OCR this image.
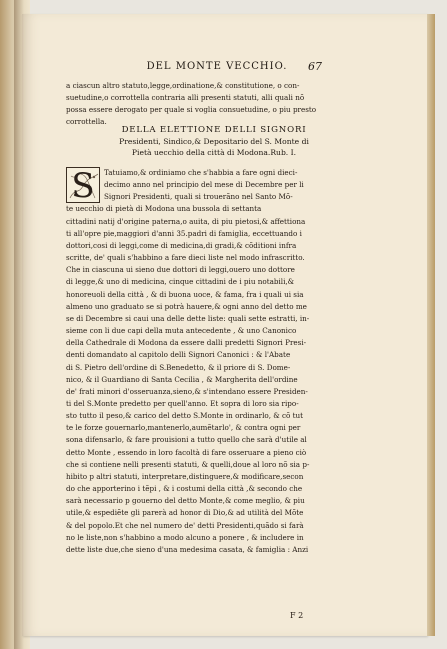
DEL MONTE VECCHIO.	67
a ciascun altro statuto,legge,ordinatione,& constitutione, o con-
suetudine,o corrottella contraria alli presenti statuti, alli quali nõ
possa essere derogato per quale si voglia consuetudine, o piu presto
corrottella.
DELLA ELETTIONE DELLI SIGNORI
Presidenti, Sindico,& Depositario del S. Monte di
Pietà uecchio della città di Modona.Rub. I.
S	Tatuiamo,& ordiniamo che s'habbia a fare ogni dieci-
decimo anno nel principio del mese di Decembre per li
Signori Presidenti, quali si trouerãno nel Santo Mõ-
te uecchio di pietà di Modona una bussola di settanta
cittadini natij d'origine paterna,o auita, di piu pietosi,& affettiona
ti all'opre pie,maggiori d'anni 35.padri di famiglia, eccettuando i
dottori,cosi di leggi,come di medicina,di gradi,& cõditioni infra
scritte, de' quali s'habbino a fare dieci liste nel modo infrascritto.
Che in ciascuna ui sieno due dottori di leggi,ouero uno dottore
di legge,& uno di medicina, cinque cittadini de i piu notabili,&
honoreuoli della città , & di buona uoce, & fama, fra i quali ui sia
almeno uno graduato se si potrà hauere,& ogni anno del detto me
se di Decembre si caui una delle dette liste: quali sette estratti, in-
sieme con li due capi della muta antecedente , & uno Canonico
della Cathedrale di Modona da essere dalli predetti Signori Presi-
denti domandato al capitolo delli Signori Canonici : & l'Abate
di S. Pietro dell'ordine di S.Benedetto, & il priore di S. Dome-
nico, & il Guardiano di Santa Cecilia , & Margherita dell'ordine
de' frati minori d'osseruanza,sieno,& s'intendano essere Presiden-
ti del S.Monte predetto per quell'anno. Et sopra di loro sia ripo-
sto tutto il peso,& carico del detto S.Monte in ordinarlo, & cõ tut
te le forze gouernarlo,mantenerlo,aumẽtarlo', & contra ogni per
sona difensarlo, & fare prouisioni a tutto quello che sarà d'utile al
detto Monte , essendo in loro facoltà di fare osseruare a pieno ciò
che si contiene nelli presenti statuti, & quelli,doue al loro nõ sia p-
hibito p altri statuti, interpretare,distinguere,& modificare,secon
do che apporterino i tẽpi , & i costumi della città ,& secondo che
sarà necessario p gouerno del detto Monte,& come meglio, & piu
utile,& espediẽte gli parerà ad honor di Dio,& ad utilità del Mõte
& del popolo.Et che nel numero de' detti Presidenti,quãdo si farà
no le liste,non s'habbino a modo alcuno a ponere , & includere in
dette liste due,che sieno d'una medesima casata, & famiglia : Anzi
F 2
